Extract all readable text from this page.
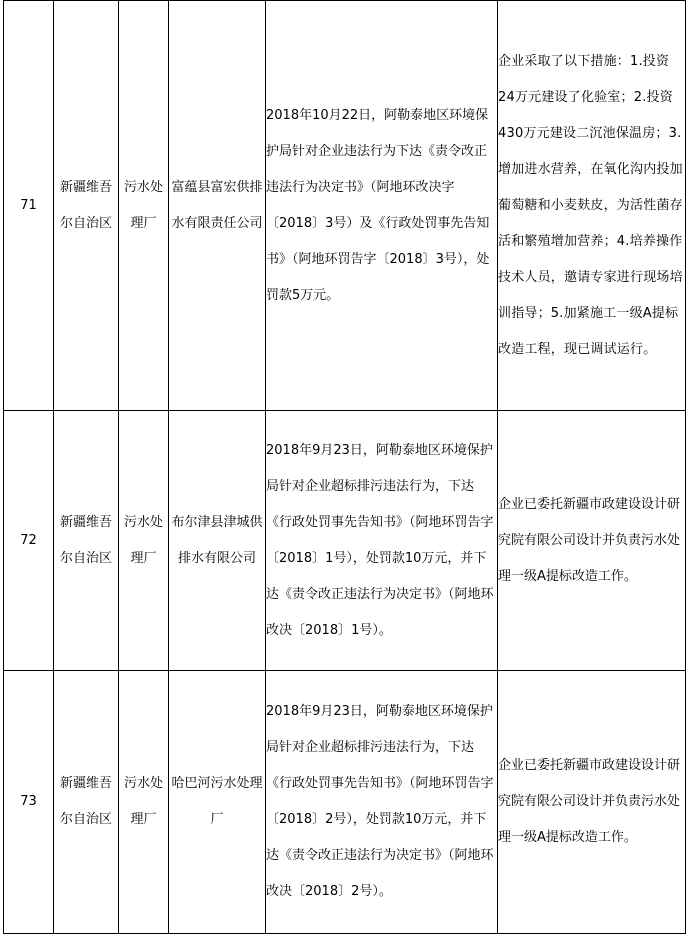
71	新疆维吾尔自治区	污水处理厂	富蕴县富宏供排水有限责任公司	2018年10月22日，阿勒泰地区环境保护局针对企业违法行为下达《责令改正违法行为决定书》（阿地环改决字〔2018〕3号）及《行政处罚事先告知书》（阿地环罚告字〔2018〕3号），处罚款5万元。	企业采取了以下措施：1.投资24万元建设了化验室；2.投资430万元建设二沉池保温房；3.增加进水营养，在氧化沟内投加葡萄糖和小麦麸皮，为活性菌存活和繁殖增加营养；4.培养操作技术人员，邀请专家进行现场培训指导；5.加紧施工一级A提标改造工程，现已调试运行。
72	新疆维吾尔自治区	污水处理厂	布尔津县津城供排水有限公司	2018年9月23日，阿勒泰地区环境保护局针对企业超标排污违法行为，下达《行政处罚事先告知书》（阿地环罚告字〔2018〕1号），处罚款10万元，并下达《责令改正违法行为决定书》（阿地环改决〔2018〕1号）。	企业已委托新疆市政建设设计研究院有限公司设计并负责污水处理一级A提标改造工作。
73	新疆维吾尔自治区	污水处理厂	哈巴河污水处理厂	2018年9月23日，阿勒泰地区环境保护局针对企业超标排污违法行为，下达《行政处罚事先告知书》（阿地环罚告字〔2018〕2号），处罚款10万元，并下达《责令改正违法行为决定书》（阿地环改决〔2018〕2号）。	企业已委托新疆市政建设设计研究院有限公司设计并负责污水处理一级A提标改造工作。
